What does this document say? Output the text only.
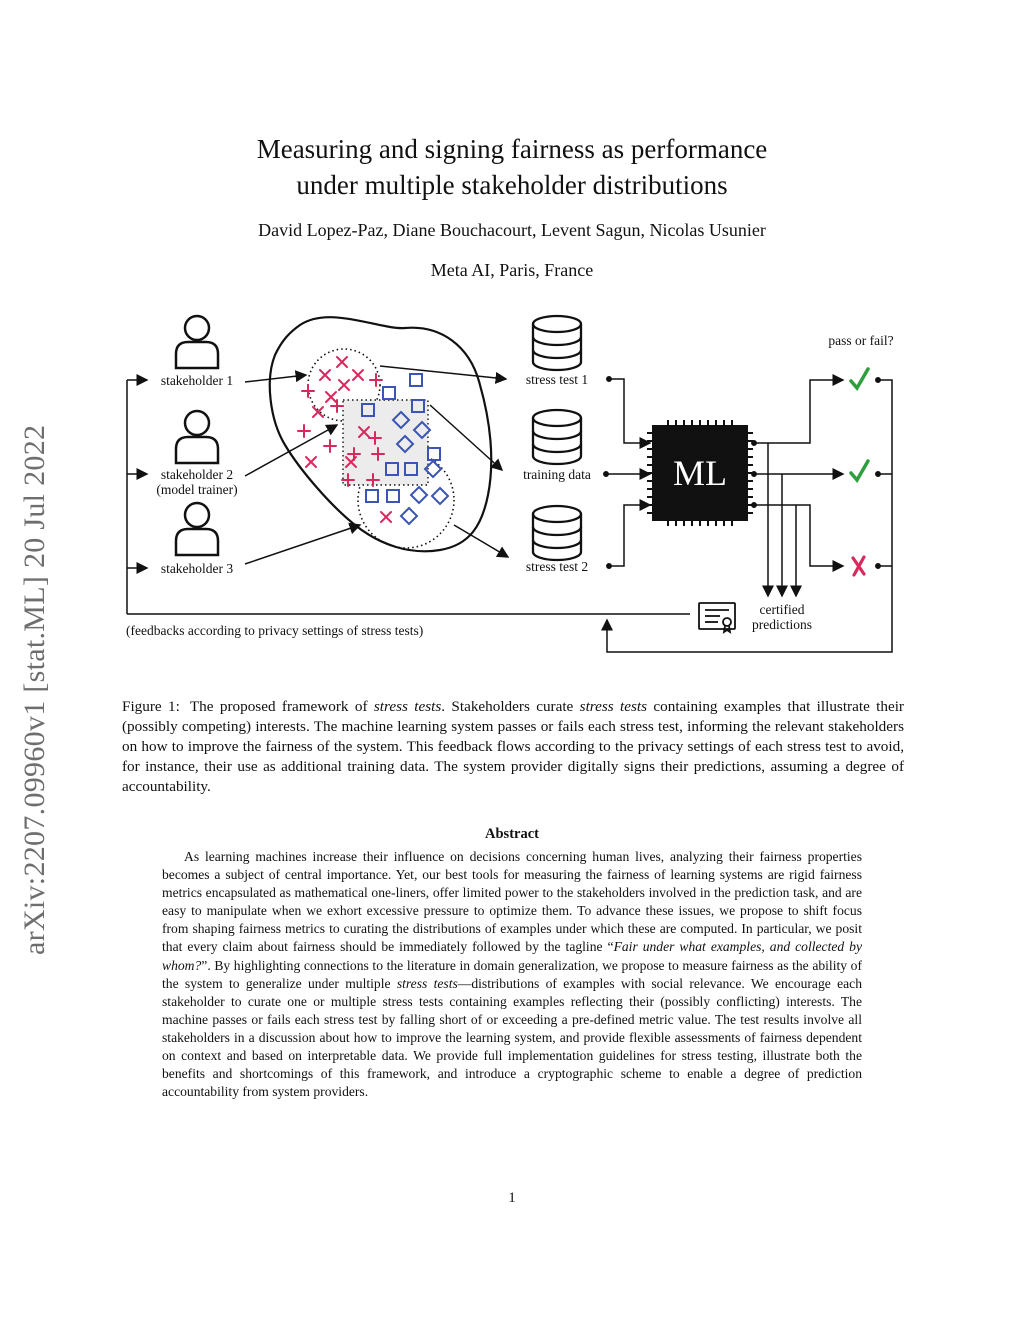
arXiv:2207.09960v1 [stat.ML] 20 Jul 2022
Measuring and signing fairness as performance
under multiple stakeholder distributions
David Lopez-Paz, Diane Bouchacourt, Levent Sagun, Nicolas Usunier
Meta AI, Paris, France
stakeholder 1
stakeholder 2
(model trainer)
stakeholder 3
stress test 1
training data
stress test 2
ML
pass or fail?
certified
predictions
(feedbacks according to privacy settings of stress tests)
Figure 1: The proposed framework of stress tests. Stakeholders curate stress tests containing examples that illustrate their (possibly competing) interests. The machine learning system passes or fails each stress test, informing the relevant stakeholders on how to improve the fairness of the system. This feedback flows according to the privacy settings of each stress test to avoid, for instance, their use as additional training data. The system provider digitally signs their predictions, assuming a degree of accountability.
Abstract
As learning machines increase their influence on decisions concerning human lives, analyzing their fairness properties becomes a subject of central importance. Yet, our best tools for measuring the fairness of learning systems are rigid fairness metrics encapsulated as mathematical one-liners, offer limited power to the stakeholders involved in the prediction task, and are easy to manipulate when we exhort excessive pressure to optimize them. To advance these issues, we propose to shift focus from shaping fairness metrics to curating the distributions of examples under which these are computed. In particular, we posit that every claim about fairness should be immediately followed by the tagline “Fair under what examples, and collected by whom?”. By highlighting connections to the literature in domain generalization, we propose to measure fairness as the ability of the system to generalize under multiple stress tests—distributions of examples with social relevance. We encourage each stakeholder to curate one or multiple stress tests containing examples reflecting their (possibly conflicting) interests. The machine passes or fails each stress test by falling short of or exceeding a pre-defined metric value. The test results involve all stakeholders in a discussion about how to improve the learning system, and provide flexible assessments of fairness dependent on context and based on interpretable data. We provide full implementation guidelines for stress testing, illustrate both the benefits and shortcomings of this framework, and introduce a cryptographic scheme to enable a degree of prediction accountability from system providers.
1
